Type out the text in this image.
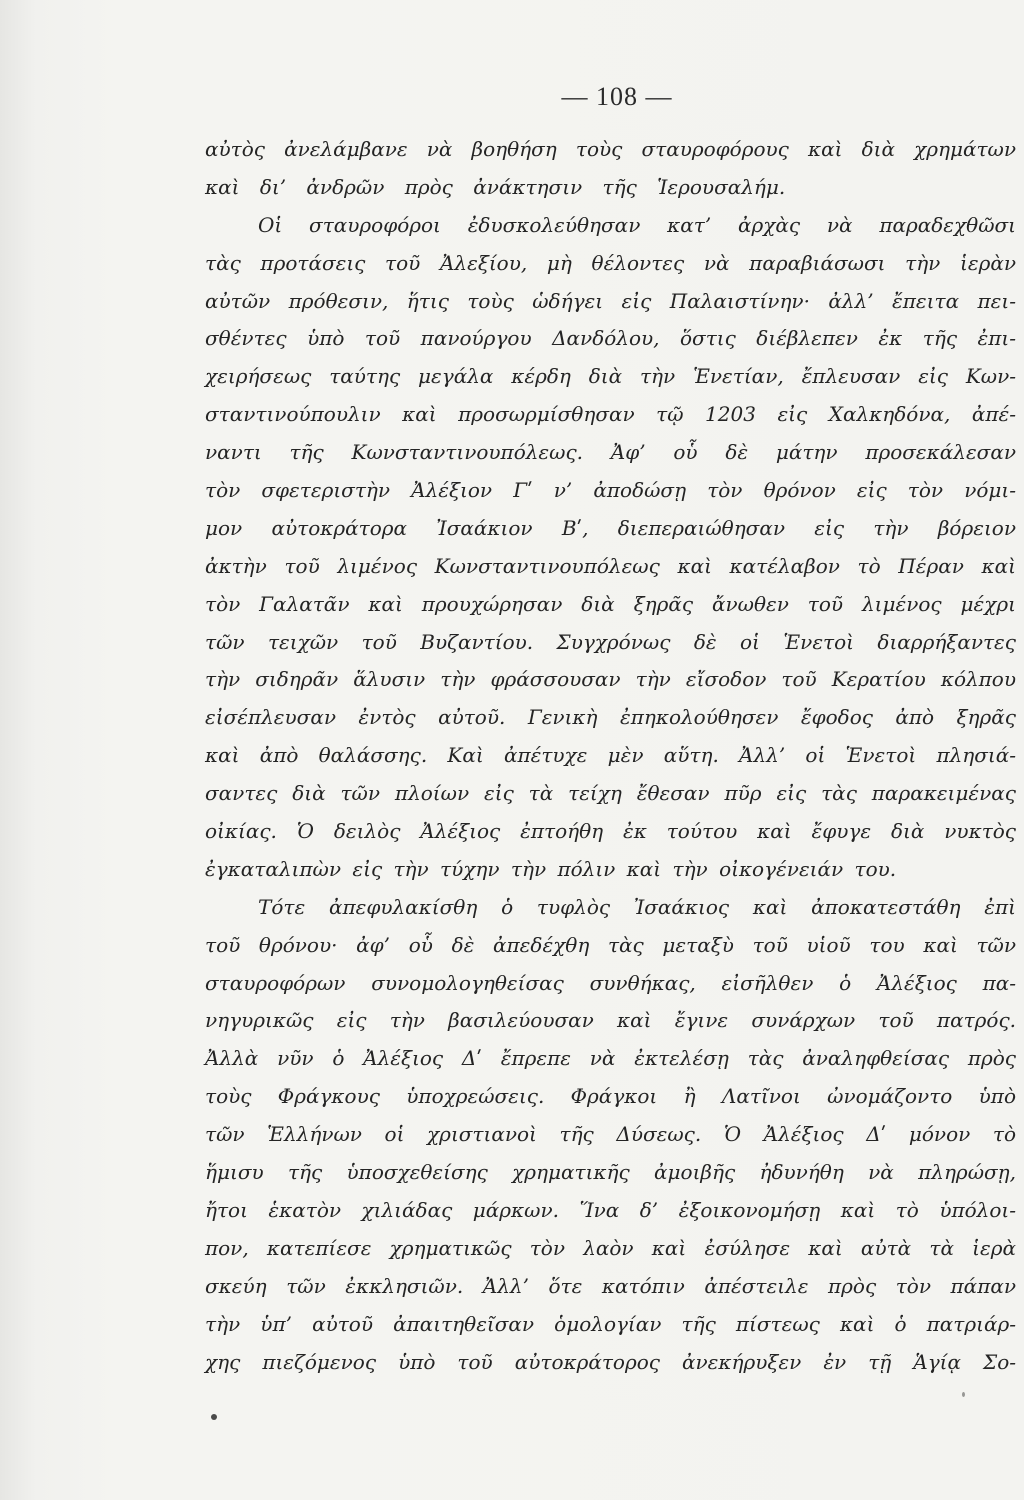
— 108 —
αὐτὸς ἀνελάμβανε νὰ βοηθήση τοὺς σταυροφόρους καὶ διὰ χρημάτων
καὶ δι’ ἀνδρῶν πρὸς ἀνάκτησιν τῆς Ἱερουσαλήμ.
Οἱ σταυροφόροι ἐδυσκολεύθησαν κατ’ ἀρχὰς νὰ παραδεχθῶσι
τὰς προτάσεις τοῦ Ἀλεξίου, μὴ θέλοντες νὰ παραβιάσωσι τὴν ἱερὰν
αὐτῶν πρόθεσιν, ἥτις τοὺς ὡδήγει εἰς Παλαιστίνην· ἀλλ’ ἔπειτα πει-
σθέντες ὑπὸ τοῦ πανούργου Δανδόλου, ὅστις διέβλεπεν ἐκ τῆς ἐπι-
χειρήσεως ταύτης μεγάλα κέρδη διὰ τὴν Ἑνετίαν, ἔπλευσαν εἰς Κων-
σταντινούπουλιν καὶ προσωρμίσθησαν τῷ 1203 εἰς Χαλκηδόνα, ἀπέ-
ναντι τῆς Κωνσταντινουπόλεως. Ἀφ’ οὗ δὲ μάτην προσεκάλεσαν
τὸν σφετεριστὴν Ἀλέξιον Γʹ ν’ ἀποδώσῃ τὸν θρόνον εἰς τὸν νόμι-
μον αὐτοκράτορα Ἰσαάκιον Βʹ, διεπεραιώθησαν εἰς τὴν βόρειον
ἀκτὴν τοῦ λιμένος Κωνσταντινουπόλεως καὶ κατέλαβον τὸ Πέραν καὶ
τὸν Γαλατᾶν καὶ προυχώρησαν διὰ ξηρᾶς ἄνωθεν τοῦ λιμένος μέχρι
τῶν τειχῶν τοῦ Βυζαντίου. Συγχρόνως δὲ οἱ Ἑνετοὶ διαρρήξαντες
τὴν σιδηρᾶν ἅλυσιν τὴν φράσσουσαν τὴν εἴσοδον τοῦ Κερατίου κόλπου
εἰσέπλευσαν ἐντὸς αὐτοῦ. Γενικὴ ἐπηκολούθησεν ἔφοδος ἀπὸ ξηρᾶς
καὶ ἀπὸ θαλάσσης. Καὶ ἀπέτυχε μὲν αὕτη. Ἀλλ’ οἱ Ἑνετοὶ πλησιά-
σαντες διὰ τῶν πλοίων εἰς τὰ τείχη ἔθεσαν πῦρ εἰς τὰς παρακειμένας
οἰκίας. Ὁ δειλὸς Ἀλέξιος ἐπτοήθη ἐκ τούτου καὶ ἔφυγε διὰ νυκτὸς
ἐγκαταλιπὼν εἰς τὴν τύχην τὴν πόλιν καὶ τὴν οἰκογένειάν του.
Τότε ἀπεφυλακίσθη ὁ τυφλὸς Ἰσαάκιος καὶ ἀποκατεστάθη ἐπὶ
τοῦ θρόνου· ἀφ’ οὗ δὲ ἀπεδέχθη τὰς μεταξὺ τοῦ υἱοῦ του καὶ τῶν
σταυροφόρων συνομολογηθείσας συνθήκας, εἰσῆλθεν ὁ Ἀλέξιος πα-
νηγυρικῶς εἰς τὴν βασιλεύουσαν καὶ ἔγινε συνάρχων τοῦ πατρός.
Ἀλλὰ νῦν ὁ Ἀλέξιος Δʹ ἔπρεπε νὰ ἐκτελέσῃ τὰς ἀναληφθείσας πρὸς
τοὺς Φράγκους ὑποχρεώσεις. Φράγκοι ἢ Λατῖνοι ὠνομάζοντο ὑπὸ
τῶν Ἑλλήνων οἱ χριστιανοὶ τῆς Δύσεως. Ὁ Ἀλέξιος Δʹ μόνον τὸ
ἥμισυ τῆς ὑποσχεθείσης χρηματικῆς ἀμοιβῆς ἠδυνήθη νὰ πληρώσῃ,
ἤτοι ἑκατὸν χιλιάδας μάρκων. Ἵνα δ’ ἐξοικονομήσῃ καὶ τὸ ὑπόλοι-
πον, κατεπίεσε χρηματικῶς τὸν λαὸν καὶ ἐσύλησε καὶ αὐτὰ τὰ ἱερὰ
σκεύη τῶν ἐκκλησιῶν. Ἀλλ’ ὅτε κατόπιν ἀπέστειλε πρὸς τὸν πάπαν
τὴν ὑπ’ αὐτοῦ ἀπαιτηθεῖσαν ὁμολογίαν τῆς πίστεως καὶ ὁ πατριάρ-
χης πιεζόμενος ὑπὸ τοῦ αὐτοκράτορος ἀνεκήρυξεν ἐν τῇ Ἁγίᾳ Σο-
